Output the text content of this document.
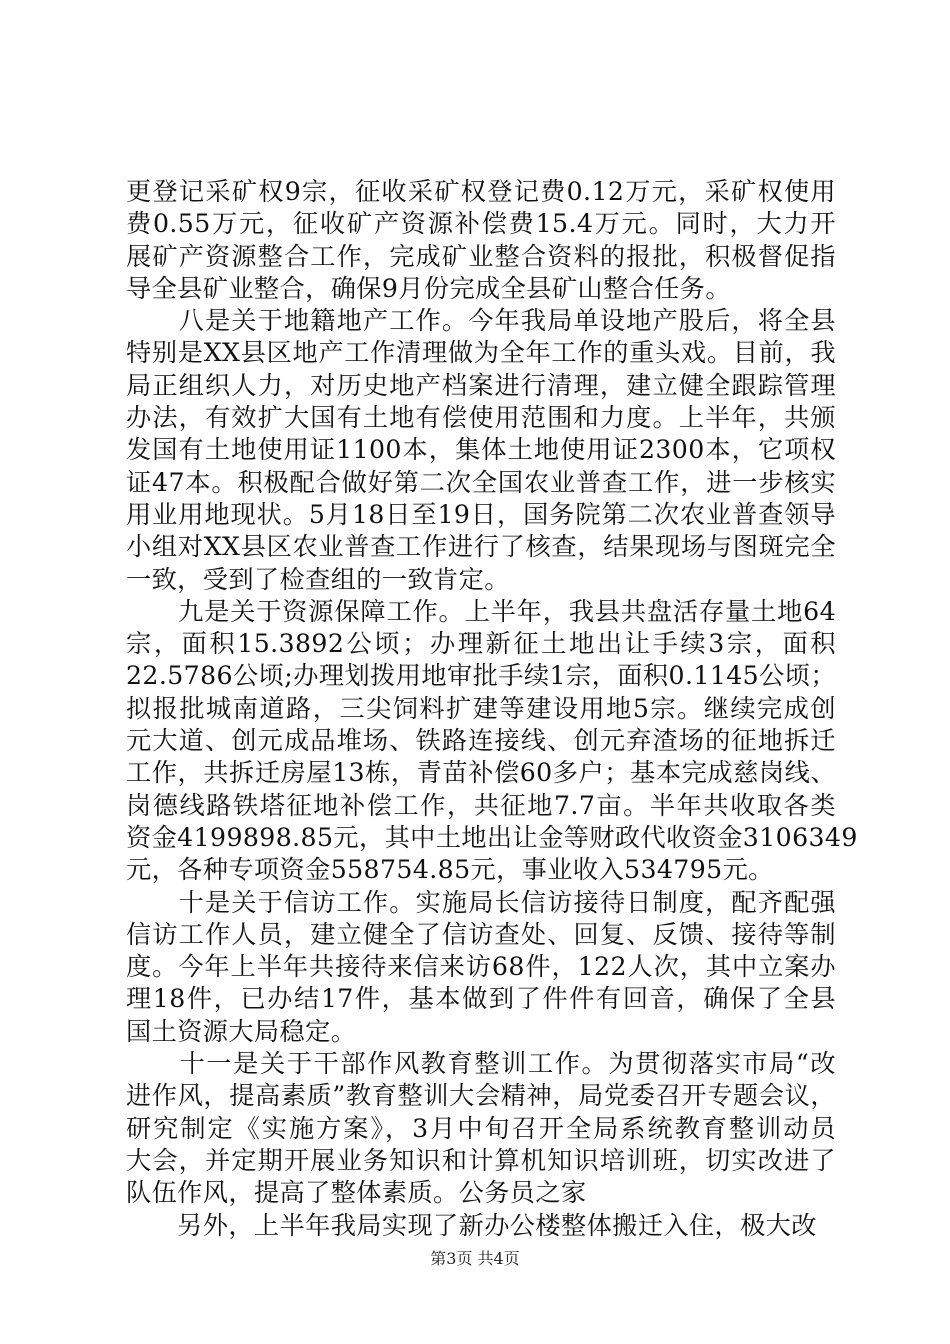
更登记采矿权9宗，征收采矿权登记费0.12万元，采矿权使用
费0.55万元，征收矿产资源补偿费15.4万元。同时，大力开
展矿产资源整合工作，完成矿业整合资料的报批，积极督促指
导全县矿业整合，确保9月份完成全县矿山整合任务。
　　八是关于地籍地产工作。今年我局单设地产股后，将全县
特别是XX县区地产工作清理做为全年工作的重头戏。目前，我
局正组织人力，对历史地产档案进行清理，建立健全跟踪管理
办法，有效扩大国有土地有偿使用范围和力度。上半年，共颁
发国有土地使用证1100本，集体土地使用证2300本，它项权
证47本。积极配合做好第二次全国农业普查工作，进一步核实
用业用地现状。5月18日至19日，国务院第二次农业普查领导
小组对XX县区农业普查工作进行了核查，结果现场与图斑完全
一致，受到了检查组的一致肯定。
　　九是关于资源保障工作。上半年，我县共盘活存量土地64
宗，面积15.3892公顷；办理新征土地出让手续3宗，面积
22.5786公顷;办理划拨用地审批手续1宗，面积0.1145公顷；
拟报批城南道路，三尖饲料扩建等建设用地5宗。继续完成创
元大道、创元成品堆场、铁路连接线、创元弃渣场的征地拆迁
工作，共拆迁房屋13栋，青苗补偿60多户；基本完成慈岗线、
岗德线路铁塔征地补偿工作，共征地7.7亩。半年共收取各类
资金4199898.85元，其中土地出让金等财政代收资金3106349
元，各种专项资金558754.85元，事业收入534795元。
　　十是关于信访工作。实施局长信访接待日制度，配齐配强
信访工作人员，建立健全了信访查处、回复、反馈、接待等制
度。今年上半年共接待来信来访68件，122人次，其中立案办
理18件，已办结17件，基本做到了件件有回音，确保了全县
国土资源大局稳定。
　　十一是关于干部作风教育整训工作。为贯彻落实市局“改
进作风，提高素质”教育整训大会精神，局党委召开专题会议，
研究制定《实施方案》，3月中旬召开全局系统教育整训动员
大会，并定期开展业务知识和计算机知识培训班，切实改进了
队伍作风，提高了整体素质。公务员之家
　　另外，上半年我局实现了新办公楼整体搬迁入住，极大改
第3页 共4页
